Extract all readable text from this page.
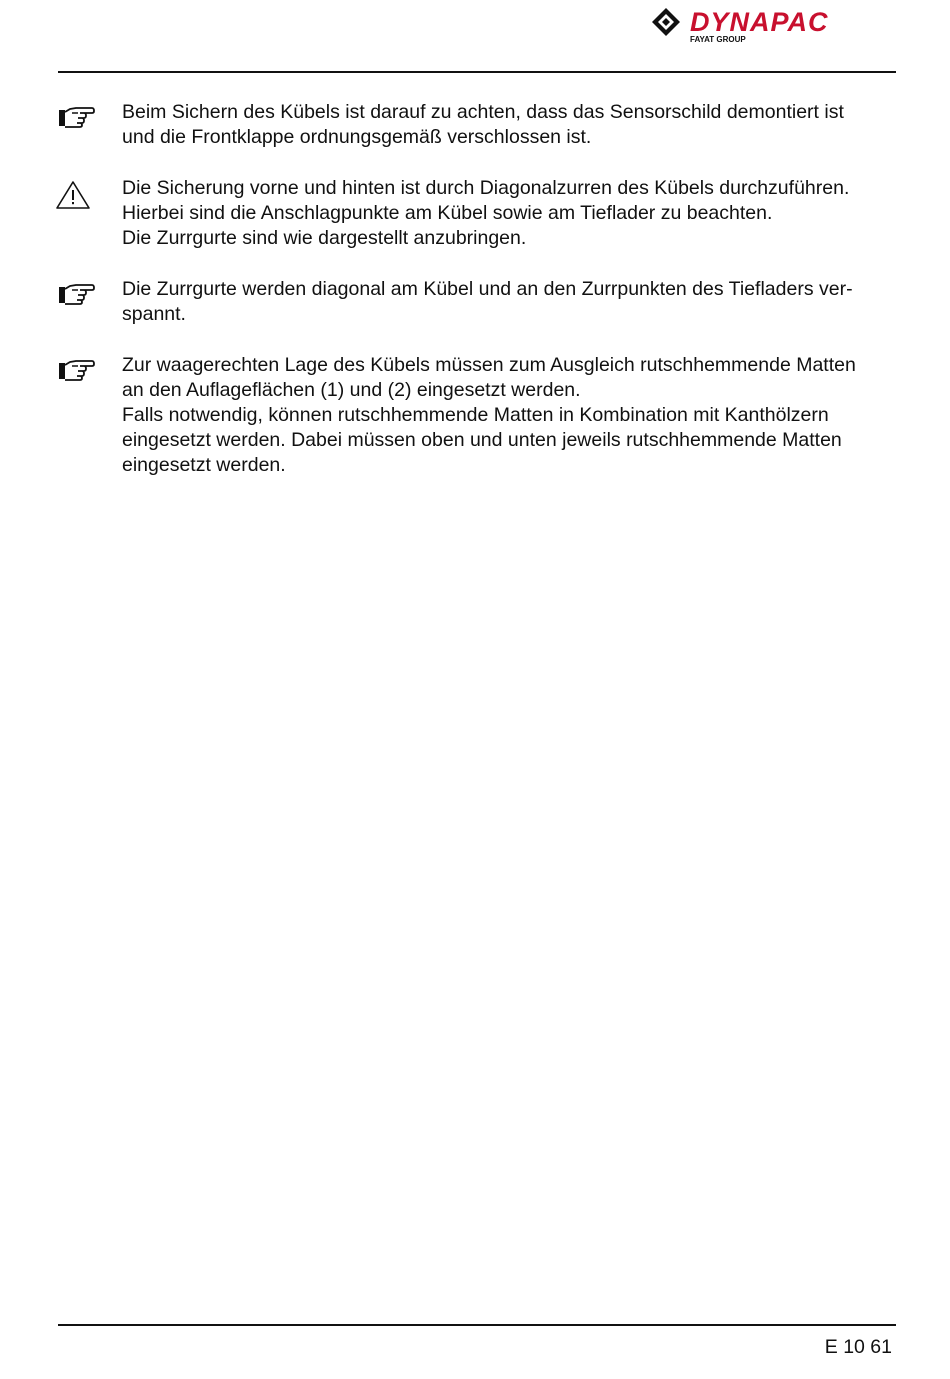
DYNAPAC
FAYAT GROUP
Beim Sichern des Kübels ist darauf zu achten, dass das Sensorschild demontiert ist
und die Frontklappe ordnungsgemäß verschlossen ist.
Die Sicherung vorne und hinten ist durch Diagonalzurren des Kübels durchzuführen.
Hierbei sind die Anschlagpunkte am Kübel sowie am Tieflader zu beachten.
Die Zurrgurte sind wie dargestellt anzubringen.
Die Zurrgurte werden diagonal am Kübel und an den Zurrpunkten des Tiefladers ver-
spannt.
Zur waagerechten Lage des Kübels müssen zum Ausgleich rutschhemmende Matten
an den Auflageflächen (1) und (2) eingesetzt werden.
Falls notwendig, können rutschhemmende Matten in Kombination mit Kanthölzern
eingesetzt werden. Dabei müssen oben und unten jeweils rutschhemmende Matten
eingesetzt werden.
E 10 61
